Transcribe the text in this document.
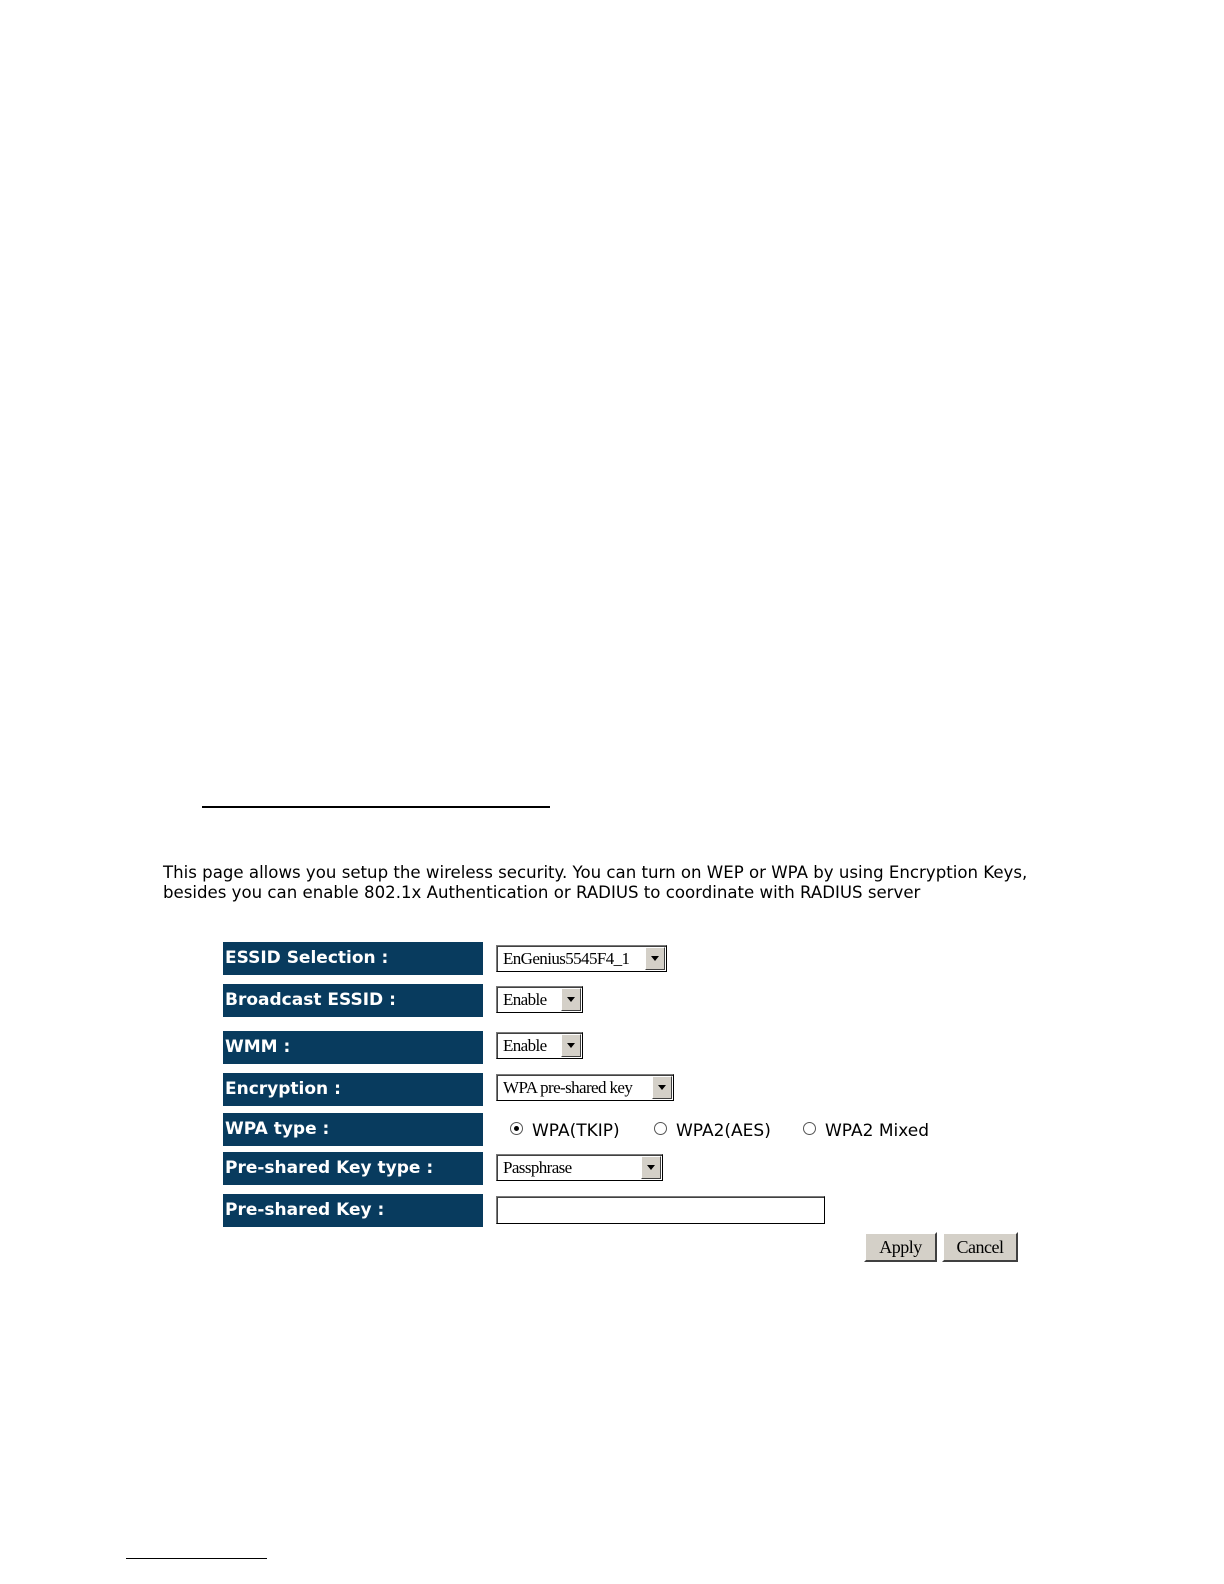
This page allows you setup the wireless security. You can turn on WEP or WPA by using Encryption Keys, besides you can enable 802.1x Authentication or RADIUS to coordinate with RADIUS server
ESSID Selection :	EnGenius5545F4_1
Broadcast ESSID :	Enable
WMM :	Enable
Encryption :	WPA pre-shared key
WPA type :	WPA(TKIP)	WPA2(AES)	WPA2 Mixed
Pre-shared Key type :	Passphrase
Pre-shared Key :
Apply	Cancel
